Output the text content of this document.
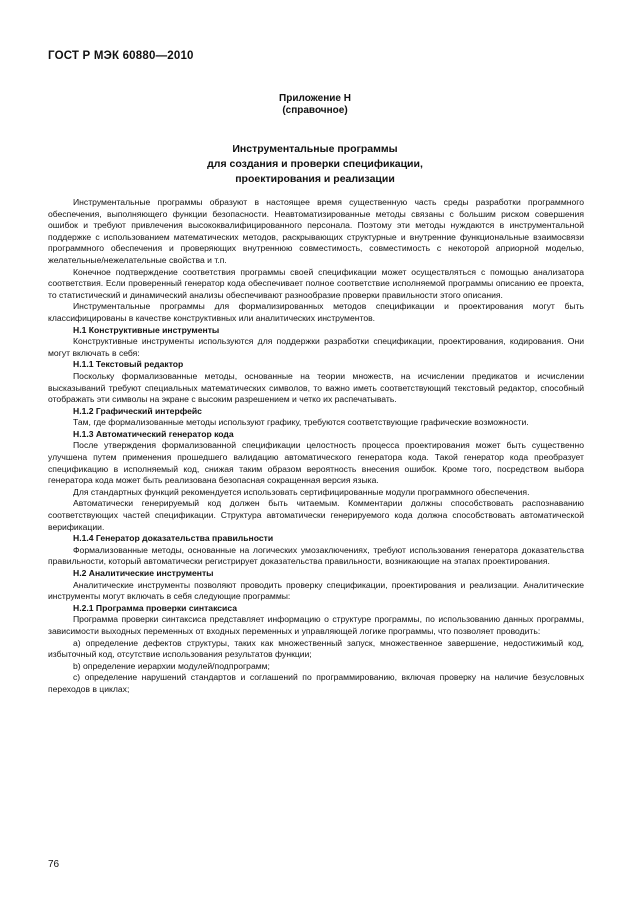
ГОСТ Р МЭК 60880—2010
Приложение Н
(справочное)
Инструментальные программы
для создания и проверки спецификации,
проектирования и реализации

Инструментальные программы образуют в настоящее время существенную часть среды разработки программного обеспечения, выполняющего функции безопасности. Неавтоматизированные методы связаны с большим риском совершения ошибок и требуют привлечения высококвалифицированного персонала. Поэтому эти методы нуждаются в инструментальной поддержке с использованием математических методов, раскрывающих структурные и внутренние функциональные взаимосвязи программного обеспечения и проверяющих внутреннюю совместимость, совместимость с некоторой априорной моделью, желательные/нежелательные свойства и т.п.

Конечное подтверждение соответствия программы своей спецификации может осуществляться с помощью анализатора соответствия. Если проверенный генератор кода обеспечивает полное соответствие исполняемой программы описанию ее проекта, то статистический и динамический анализы обеспечивают разнообразие проверки правильности этого описания.

Инструментальные программы для формализированных методов спецификации и проектирования могут быть классифицированы в качестве конструктивных или аналитических инструментов.

Н.1 Конструктивные инструменты

Конструктивные инструменты используются для поддержки разработки спецификации, проектирования, кодирования. Они могут включать в себя:

Н.1.1 Текстовый редактор

Поскольку формализованные методы, основанные на теории множеств, на исчислении предикатов и исчислении высказываний требуют специальных математических символов, то важно иметь соответствующий текстовый редактор, способный отображать эти символы на экране с высоким разрешением и четко их распечатывать.

Н.1.2 Графический интерфейс

Там, где формализованные методы используют графику, требуются соответствующие графические возможности.

Н.1.3 Автоматический генератор кода

После утверждения формализованной спецификации целостность процесса проектирования может быть существенно улучшена путем применения прошедшего валидацию автоматического генератора кода. Такой генератор кода преобразует спецификацию в исполняемый код, снижая таким образом вероятность внесения ошибок. Кроме того, посредством выбора генератора кода может быть реализована безопасная сокращенная версия языка.

Для стандартных функций рекомендуется использовать сертифицированные модули программного обеспечения.

Автоматически генерируемый код должен быть читаемым. Комментарии должны способствовать распознаванию соответствующих частей спецификации. Структура автоматически генерируемого кода должна способствовать автоматической верификации.

Н.1.4 Генератор доказательства правильности

Формализованные методы, основанные на логических умозаключениях, требуют использования генератора доказательства правильности, который автоматически регистрирует доказательства правильности, возникающие на этапах проектирования.

Н.2 Аналитические инструменты

Аналитические инструменты позволяют проводить проверку спецификации, проектирования и реализации. Аналитические инструменты могут включать в себя следующие программы:

Н.2.1 Программа проверки синтаксиса

Программа проверки синтаксиса представляет информацию о структуре программы, по использованию данных программы, зависимости выходных переменных от входных переменных и управляющей логике программы, что позволяет проводить:

a) определение дефектов структуры, таких как множественный запуск, множественное завершение, недостижимый код, избыточный код, отсутствие использования результатов функции;

b) определение иерархии модулей/подпрограмм;

c) определение нарушений стандартов и соглашений по программированию, включая проверку на наличие безусловных переходов в циклах;

76
